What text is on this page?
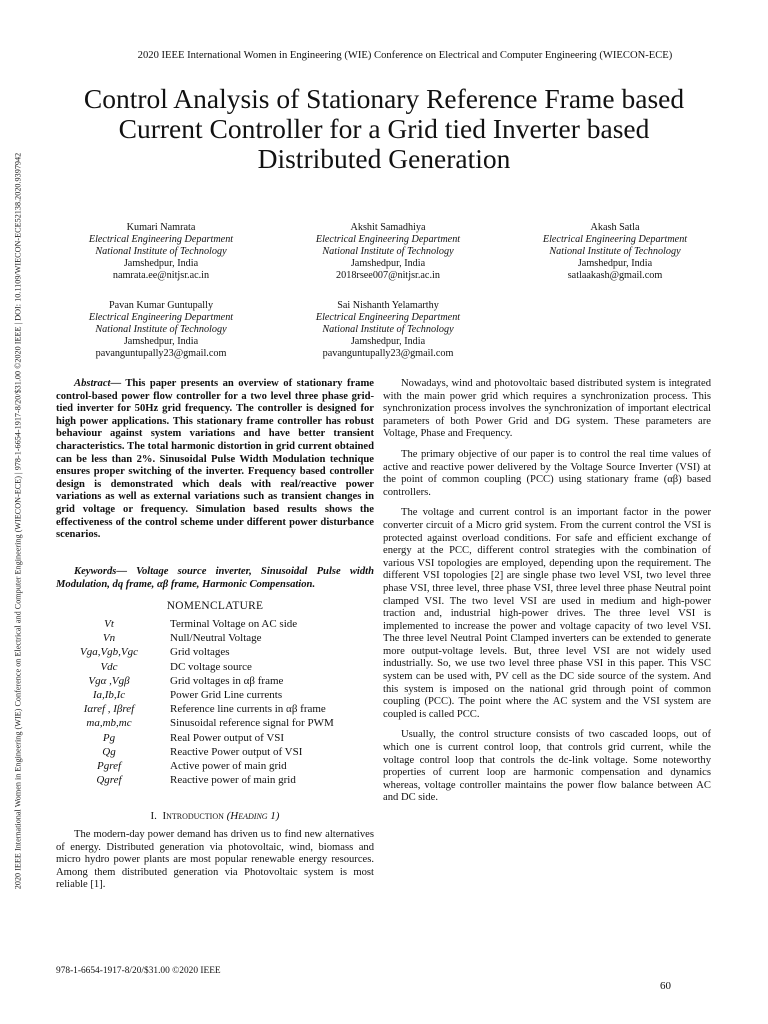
2020 IEEE International Women in Engineering (WIE) Conference on Electrical and Computer Engineering (WIECON-ECE)
2020 IEEE International Women in Engineering (WIE) Conference on Electrical and Computer Engineering (WIECON-ECE) | 978-1-6654-1917-8/20/$31.00 ©2020 IEEE | DOI: 10.1109/WIECON-ECE52138.2020.9397942
Control Analysis of Stationary Reference Frame based Current Controller for a Grid tied Inverter based Distributed Generation
Kumari Namrata
Electrical Engineering Department
National Institute of Technology
Jamshedpur, India
namrata.ee@nitjsr.ac.in
Akshit Samadhiya
Electrical Engineering Department
National Institute of Technology
Jamshedpur, India
2018rsee007@nitjsr.ac.in
Akash Satla
Electrical Engineering Department
National Institute of Technology
Jamshedpur, India
satlaakash@gmail.com
Pavan Kumar Guntupally
Electrical Engineering Department
National Institute of Technology
Jamshedpur, India
pavanguntupally23@gmail.com
Sai Nishanth Yelamarthy
Electrical Engineering Department
National Institute of Technology
Jamshedpur, India
pavanguntupally23@gmail.com
Abstract— This paper presents an overview of stationary frame control-based power flow controller for a two level three phase grid-tied inverter for 50Hz grid frequency. The controller is designed for high power applications. This stationary frame controller has robust behaviour against system variations and have better transient characteristics. The total harmonic distortion in grid current obtained can be less than 2%. Sinusoidal Pulse Width Modulation technique ensures proper switching of the inverter. Frequency based controller design is demonstrated which deals with real/reactive power variations as well as external variations such as transient changes in grid voltage or frequency. Simulation based results shows the effectiveness of the control scheme under different power disturbance scenarios.
Keywords— Voltage source inverter, Sinusoidal Pulse width Modulation, dq frame, αβ frame, Harmonic Compensation.
NOMENCLATURE
Vt	Terminal Voltage on AC side
Vn	Null/Neutral Voltage
Vga,Vgb,Vgc	Grid voltages
Vdc	DC voltage source
Vgα ,Vgβ	Grid voltages in αβ frame
Ia,Ib,Ic	Power Grid Line currents
Iαref , Iβref	Reference line currents in αβ frame
ma,mb,mc	Sinusoidal reference signal for PWM
Pg	Real Power output of VSI
Qg	Reactive Power output of VSI
Pgref	Active power of main grid
Qgref	Reactive power of main grid
I. Introduction (Heading 1)
The modern-day power demand has driven us to find new alternatives of energy. Distributed generation via photovoltaic, wind, biomass and micro hydro power plants are most popular renewable energy resources. Among them distributed generation via Photovoltaic system is most reliable [1].

Nowadays, wind and photovoltaic based distributed system is integrated with the main power grid which requires a synchronization process. This synchronization process involves the synchronization of important electrical parameters of both Power Grid and DG system. These parameters are Voltage, Phase and Frequency.

The primary objective of our paper is to control the real time values of active and reactive power delivered by the Voltage Source Inverter (VSI) at the point of common coupling (PCC) using stationary frame (αβ) based controllers.

The voltage and current control is an important factor in the power converter circuit of a Micro grid system. From the current control the VSI is protected against overload conditions. For safe and efficient exchange of energy at the PCC, different control strategies with the combination of various VSI topologies are employed, depending upon the requirement. The different VSI topologies [2] are single phase two level VSI, two level three phase VSI, three level, three phase VSI, three level three phase Neutral point clamped VSI. The two level VSI are used in medium and high-power traction and, industrial high-power drives. The three level VSI is implemented to increase the power and voltage capacity of two level VSI. The three level Neutral Point Clamped inverters can be extended to generate more output-voltage levels. But, three level VSI are not widely used industrially. So, we use two level three phase VSI in this paper. This VSC system can be used with, PV cell as the DC side source of the system. And this system is imposed on the national grid through point of common coupling (PCC). The point where the AC system and the VSI system are coupled is called PCC.

Usually, the control structure consists of two cascaded loops, out of which one is current control loop, that controls grid current, while the voltage control loop that controls the dc-link voltage. Some noteworthy properties of current loop are harmonic compensation and dynamics whereas, voltage controller maintains the power flow balance between AC and DC side.

978-1-6654-1917-8/20/$31.00 ©2020 IEEE
60
